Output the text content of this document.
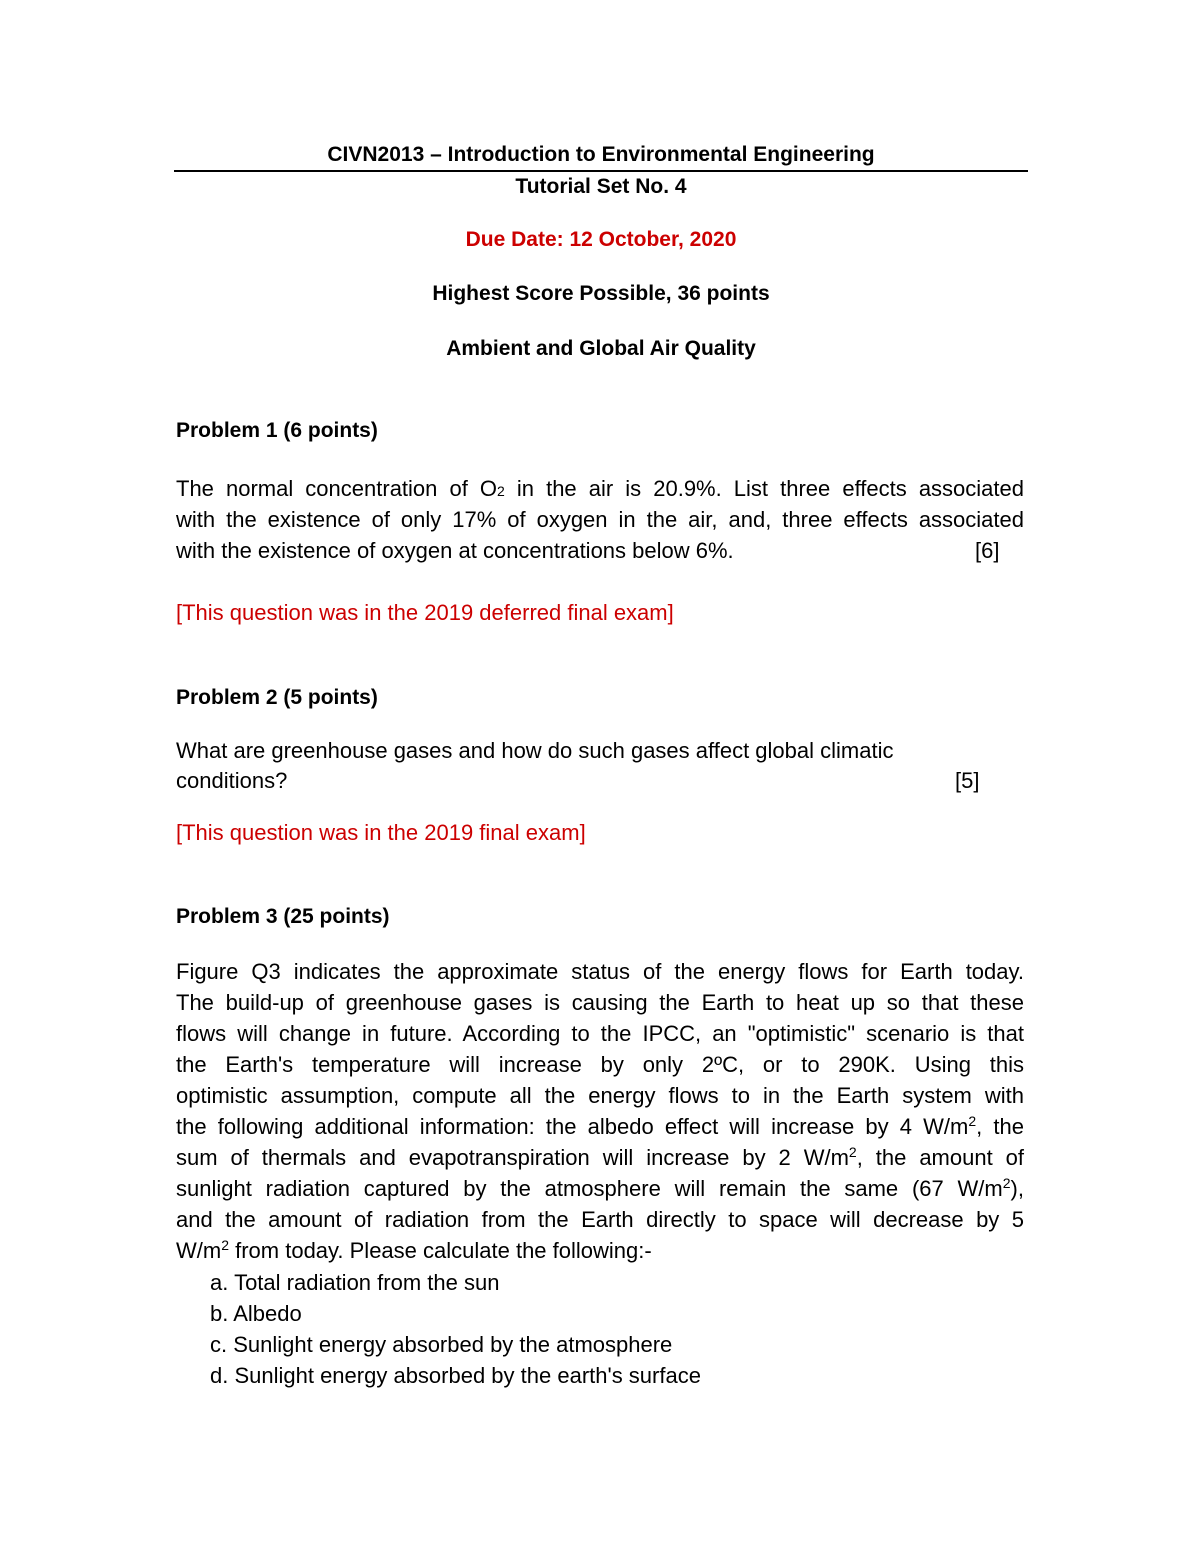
CIVN2013 – Introduction to Environmental Engineering
Tutorial Set No. 4
Due Date: 12 October, 2020
Highest Score Possible, 36 points
Ambient and Global Air Quality
Problem 1 (6 points)
The normal concentration of O2 in the air is 20.9%. List three effects associated
with the existence of only 17% of oxygen in the air, and, three effects associated
with the existence of oxygen at concentrations below 6%.	[6]
[This question was in the 2019 deferred final exam]
Problem 2 (5 points)
What are greenhouse gases and how do such gases affect global climatic
conditions?	[5]
[This question was in the 2019 final exam]
Problem 3 (25 points)
Figure Q3 indicates the approximate status of the energy flows for Earth today.
The build-up of greenhouse gases is causing the Earth to heat up so that these
flows will change in future. According to the IPCC, an "optimistic" scenario is that
the Earth's temperature will increase by only 2ºC, or to 290K. Using this
optimistic assumption, compute all the energy flows to in the Earth system with
the following additional information: the albedo effect will increase by 4 $W/m^2$, the
sum of thermals and evapotranspiration will increase by 2 $W/m^2$, the amount of
sunlight radiation captured by the atmosphere will remain the same (67 $W/m^2$),
and the amount of radiation from the Earth directly to space will decrease by 5
$W/m^2$ from today. Please calculate the following:-
a. Total radiation from the sun
b. Albedo
c. Sunlight energy absorbed by the atmosphere
d. Sunlight energy absorbed by the earth's surface
